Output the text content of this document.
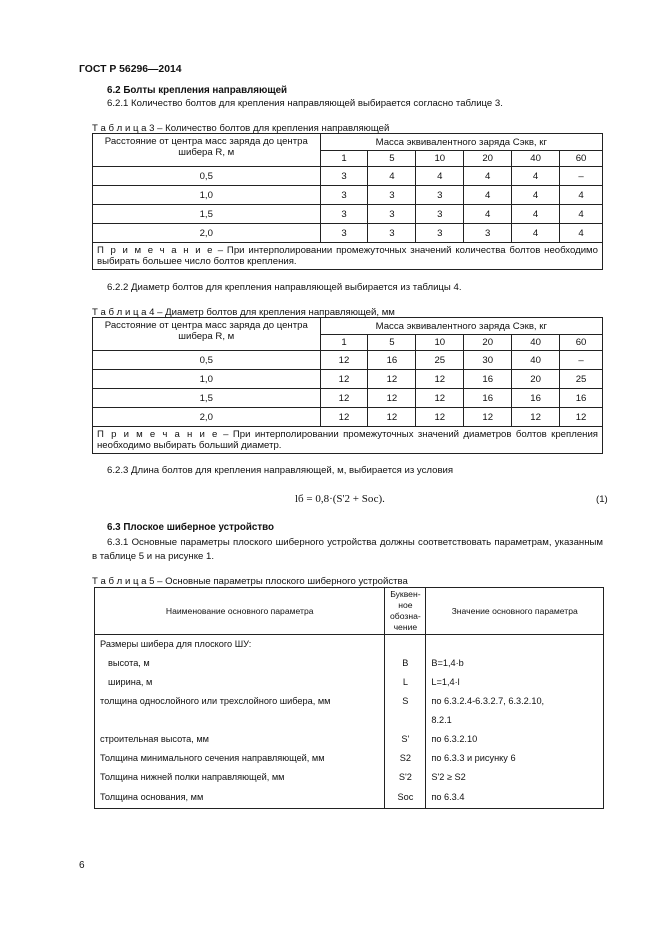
ГОСТ Р 56296—2014
6.2 Болты крепления направляющей
6.2.1 Количество болтов для крепления направляющей выбирается согласно таблице 3.
Т а б л и ц а 3 – Количество болтов для крепления направляющей
Расстояние от центра масс заряда до центра шибера R, м	Масса эквивалентного заряда Сэкв, кг					
	1	5	10	20	40	60
0,5	3	4	4	4	4	–
1,0	3	3	3	4	4	4
1,5	3	3	3	4	4	4
2,0	3	3	3	3	4	4
П р и м е ч а н и е – При интерполировании промежуточных значений количества болтов необходимо выбирать большее число болтов крепления.						
6.2.2 Диаметр болтов для крепления направляющей выбирается из таблицы 4.
Т а б л и ц а 4 – Диаметр болтов для крепления направляющей, мм
Расстояние от центра масс заряда до центра шибера R, м	Масса эквивалентного заряда Сэкв, кг					
	1	5	10	20	40	60
0,5	12	16	25	30	40	–
1,0	12	12	12	16	20	25
1,5	12	12	12	16	16	16
2,0	12	12	12	12	12	12
П р и м е ч а н и е – При интерполировании промежуточных значений диаметров болтов крепления необходимо выбирать больший диаметр.						
6.2.3 Длина болтов для крепления направляющей, м, выбирается из условия
lб = 0,8·(S'2 + Sос).	(1)
6.3 Плоское шиберное устройство
6.3.1 Основные параметры плоского шиберного устройства должны соответствовать параметрам, указанным в таблице 5 и на рисунке 1.
Т а б л и ц а 5 – Основные параметры плоского шиберного устройства
Наименование основного параметра	Буквен-ное обозна-чение	Значение основного параметра
Размеры шибера для плоского ШУ:		
высота, м	B	B=1,4·b
ширина, м	L	L=1,4·l
толщина однослойного или трехслойного шибера, мм	S	по 6.3.2.4-6.3.2.7, 6.3.2.10,
		8.2.1
строительная высота, мм	S'	по 6.3.2.10
Толщина минимального сечения направляющей, мм	S2	по 6.3.3 и рисунку 6
Толщина нижней полки направляющей, мм	S'2	S'2 ≥ S2
Толщина основания, мм	Sос	по 6.3.4
6
